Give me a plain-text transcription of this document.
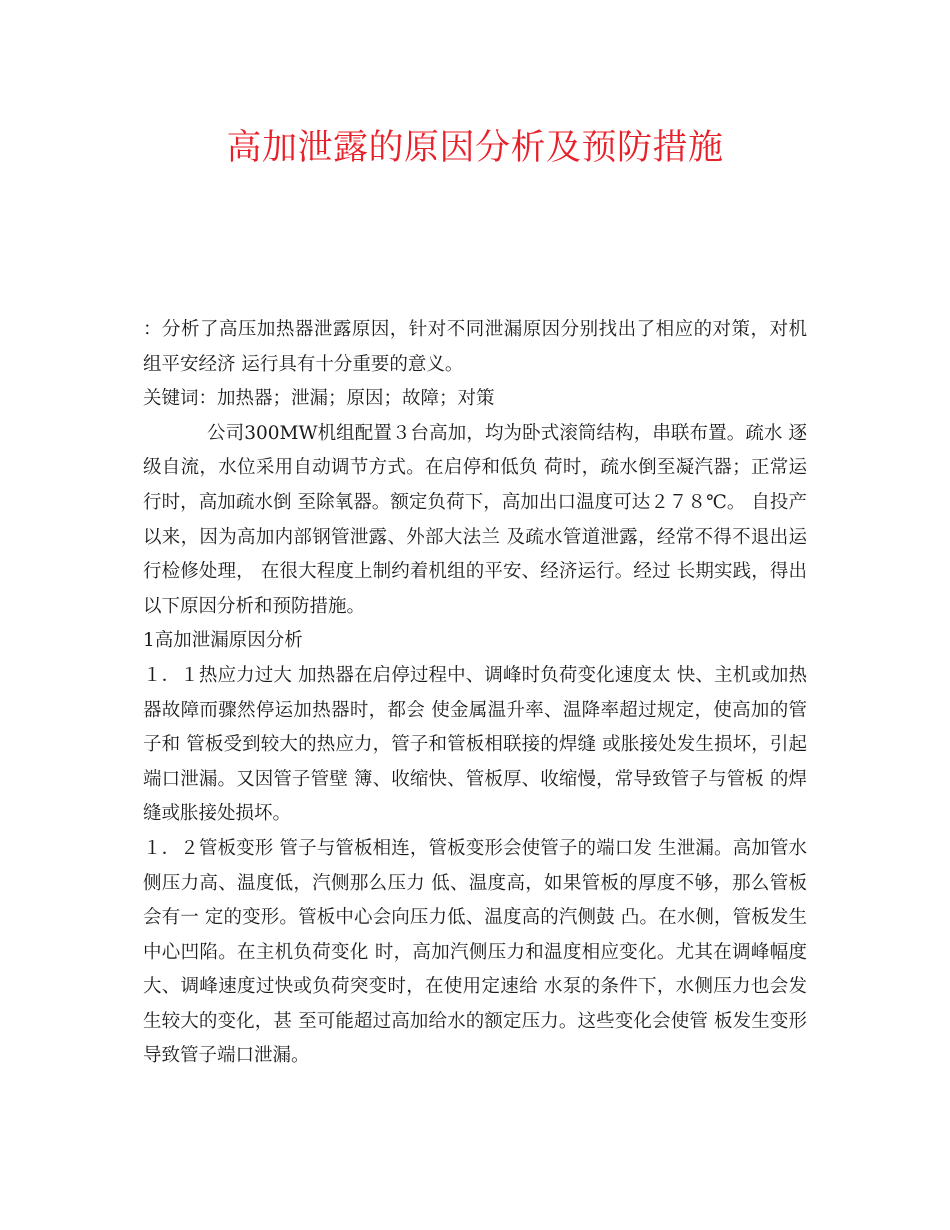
高加泄露的原因分析及预防措施

：分析了高压加热器泄露原因，针对不同泄漏原因分别找出了相应的对策，对机组平安经济 运行具有十分重要的意义。

关键词：加热器；泄漏；原因；故障；对策

公司300MW机组配置３台高加，均为卧式滚筒结构，串联布置。疏水 逐级自流，水位采用自动调节方式。在启停和低负 荷时，疏水倒至凝汽器；正常运行时，高加疏水倒 至除氧器。额定负荷下，高加出口温度可达２７８℃。 自投产以来，因为高加内部钢管泄露、外部大法兰 及疏水管道泄露，经常不得不退出运行检修处理， 在很大程度上制约着机组的平安、经济运行。经过 长期实践，得出以下原因分析和预防措施。

1高加泄漏原因分析

１．１热应力过大 加热器在启停过程中、调峰时负荷变化速度太 快、主机或加热器故障而骤然停运加热器时，都会 使金属温升率、温降率超过规定，使高加的管子和 管板受到较大的热应力，管子和管板相联接的焊缝 或胀接处发生损坏，引起端口泄漏。又因管子管壁 簿、收缩快、管板厚、收缩慢，常导致管子与管板 的焊缝或胀接处损坏。

１．２管板变形 管子与管板相连，管板变形会使管子的端口发 生泄漏。高加管水侧压力高、温度低，汽侧那么压力 低、温度高，如果管板的厚度不够，那么管板会有一 定的变形。管板中心会向压力低、温度高的汽侧鼓 凸。在水侧，管板发生中心凹陷。在主机负荷变化 时，高加汽侧压力和温度相应变化。尤其在调峰幅度大、调峰速度过快或负荷突变时，在使用定速给 水泵的条件下，水侧压力也会发生较大的变化，甚 至可能超过高加给水的额定压力。这些变化会使管 板发生变形导致管子端口泄漏。
